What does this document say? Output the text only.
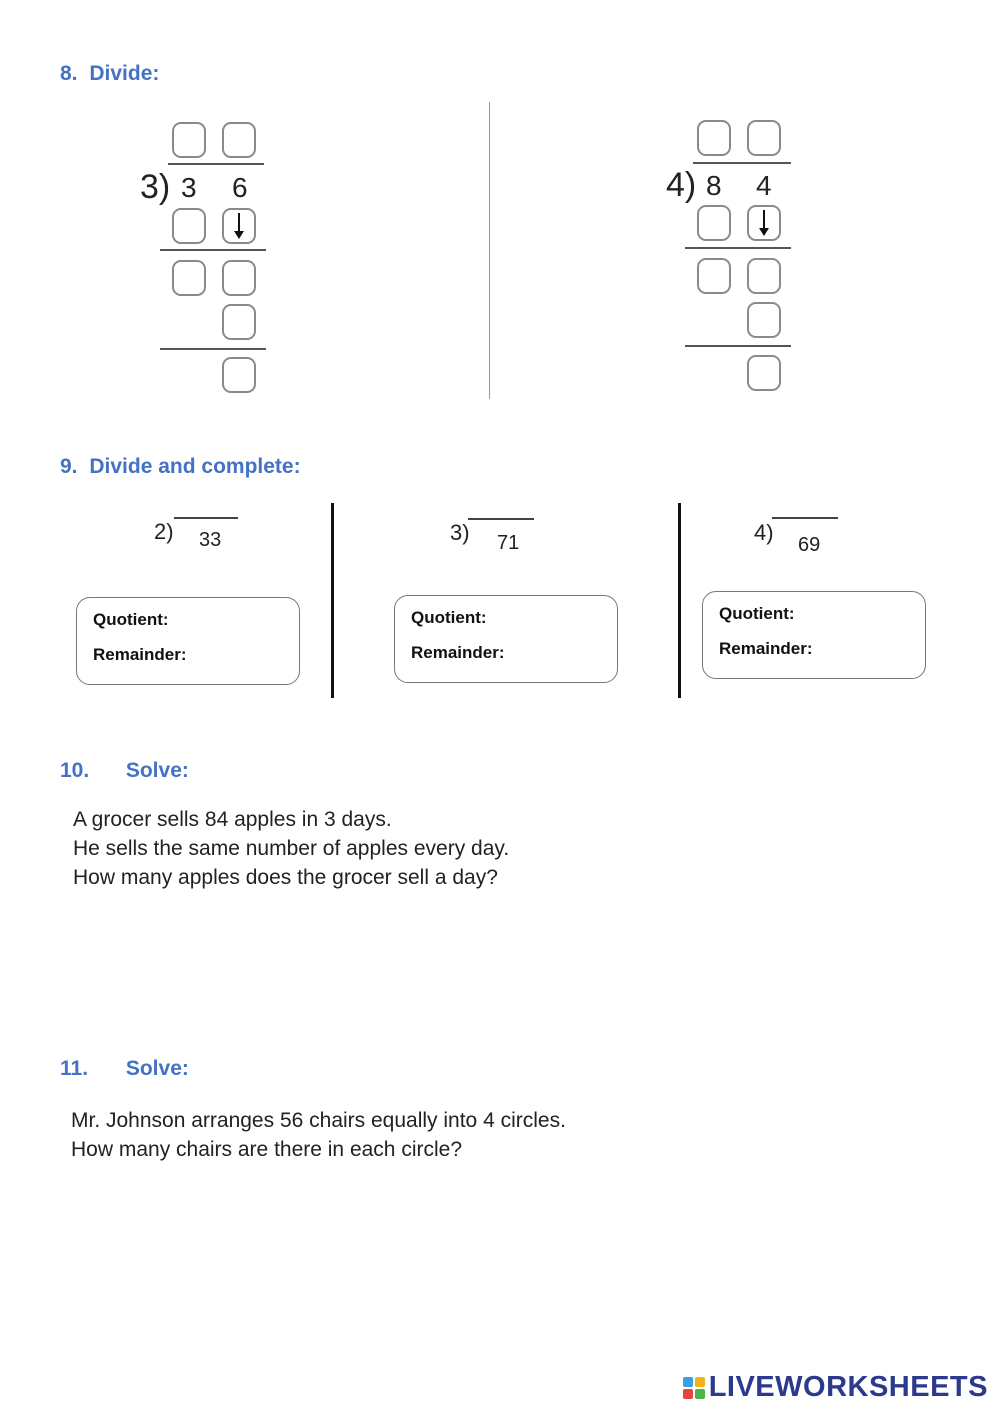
8. Divide:
3) 3 6	4) 8 4
9. Divide and complete:
2) 33
Quotient:
Remainder:
3) 71
Quotient:
Remainder:
4) 69
Quotient:
Remainder:
10. Solve:
A grocer sells 84 apples in 3 days.
He sells the same number of apples every day.
How many apples does the grocer sell a day?
11. Solve:
Mr. Johnson arranges 56 chairs equally into 4 circles.
How many chairs are there in each circle?
LIVEWORKSHEETS
